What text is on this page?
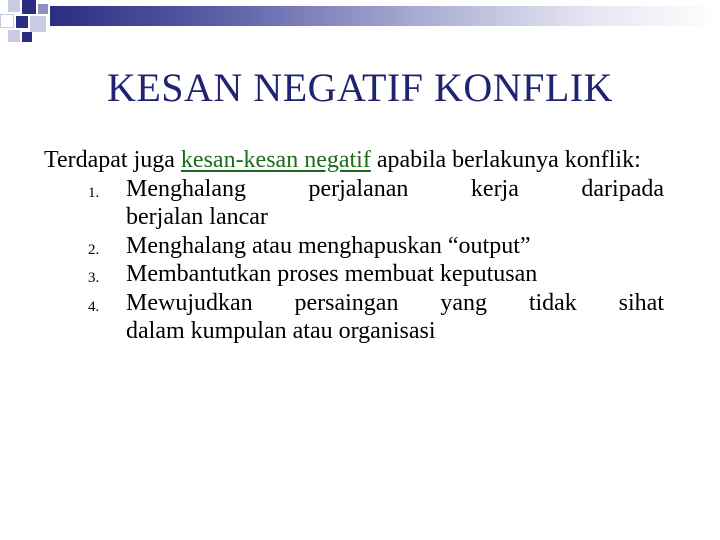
KESAN NEGATIF KONFLIK

Terdapat juga kesan-kesan negatif apabila berlakunya konflik:

1. Menghalang perjalanan kerja daripada
berjalan lancar
2. Menghalang atau menghapuskan “output”
3. Membantutkan proses membuat keputusan
4. Mewujudkan persaingan yang tidak sihat
dalam kumpulan atau organisasi
